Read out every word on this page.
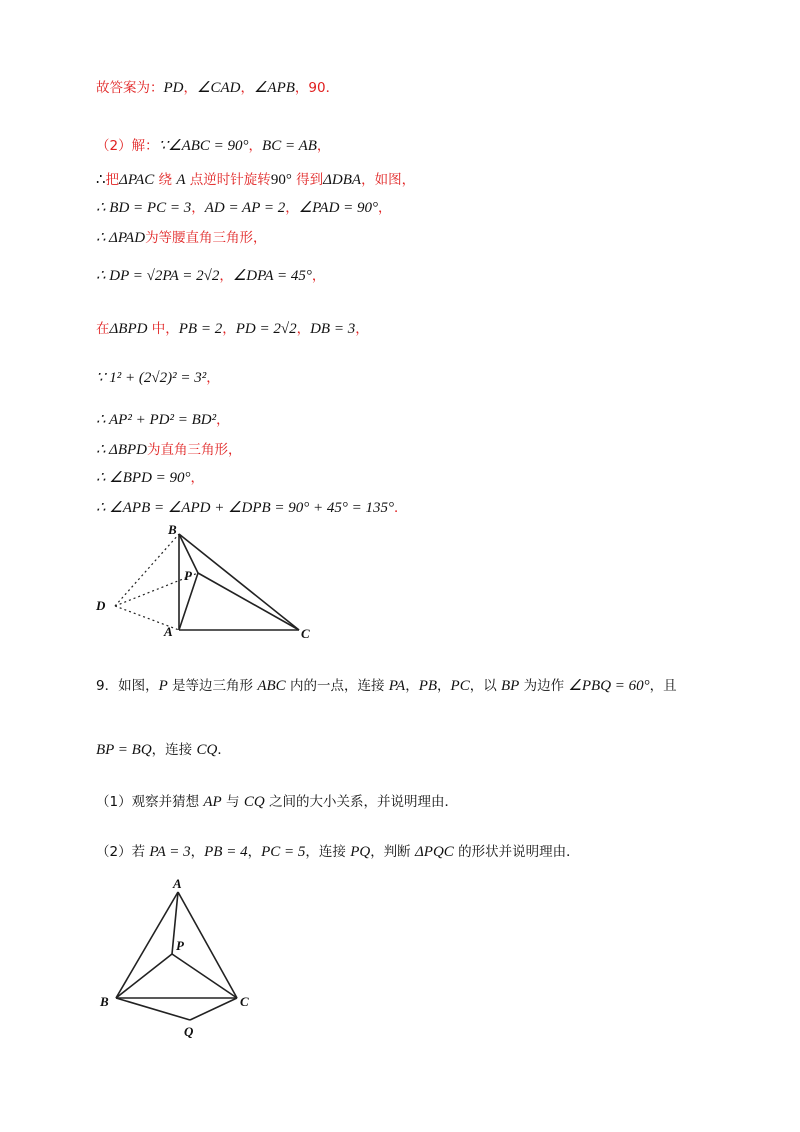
故答案为：PD，∠CAD，∠APB，90．
（2）解：∵∠ABC = 90°，BC = AB，
∴把ΔPAC 绕 A 点逆时针旋转90° 得到ΔDBA，如图，
∴ BD = PC = 3，AD = AP = 2，∠PAD = 90°，
∴ ΔPAD为等腰直角三角形，
∴ DP = √2PA = 2√2，∠DPA = 45°，
在ΔBPD 中，PB = 2，PD = 2√2，DB = 3，
∵ 1² + (2√2)² = 3²，
∴ AP² + PD² = BD²，
∴ ΔBPD为直角三角形，
∴ ∠BPD = 90°，
∴ ∠APB = ∠APD + ∠DPB = 90° + 45° = 135°．
B
P
D
A	C
9．如图，P 是等边三角形 ABC 内的一点，连接 PA，PB，PC，以 BP 为边作 ∠PBQ = 60°，且
BP = BQ，连接 CQ．
（1）观察并猜想 AP 与 CQ 之间的大小关系，并说明理由．
（2）若 PA = 3，PB = 4，PC = 5，连接 PQ，判断 ΔPQC 的形状并说明理由．
A
P
B	C
Q
